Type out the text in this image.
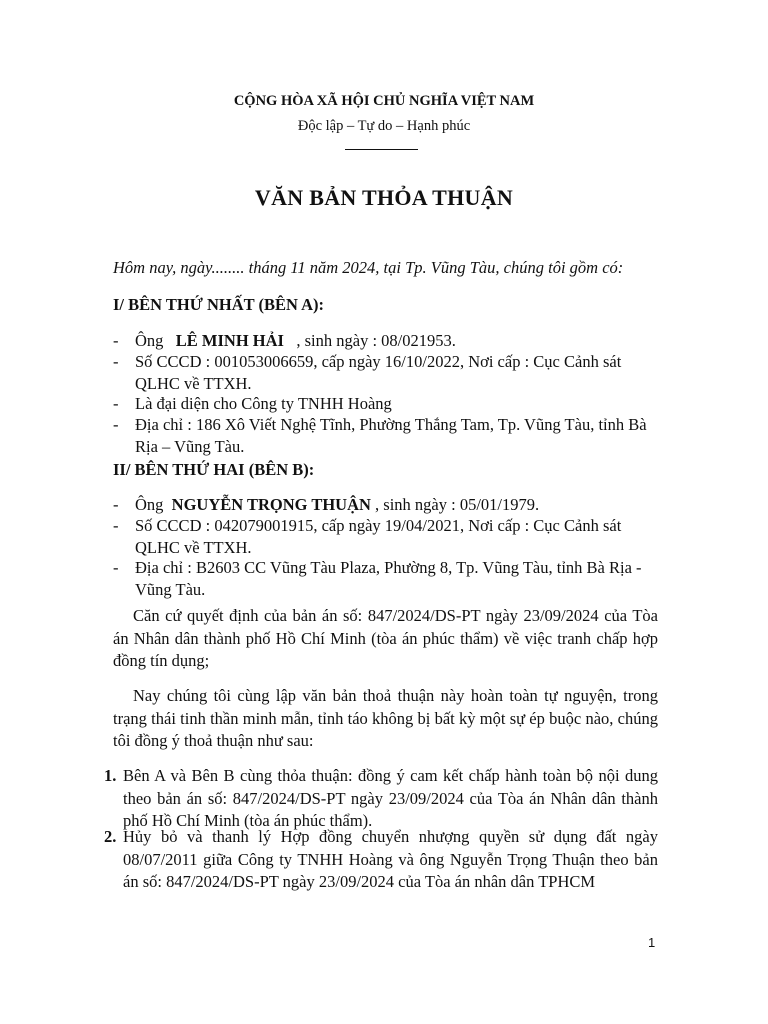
CỘNG HÒA XÃ HỘI CHỦ NGHĨA VIỆT NAM
Độc lập – Tự do – Hạnh phúc
VĂN BẢN THỎA THUẬN
Hôm nay, ngày........ tháng 11 năm 2024, tại Tp. Vũng Tàu, chúng tôi gồm có:
I/ BÊN THỨ NHẤT (BÊN A):
- Ông LÊ MINH HẢI   , sinh ngày : 08/021953.
- Số CCCD : 001053006659, cấp ngày 16/10/2022, Nơi cấp : Cục Cảnh sát QLHC về TTXH.
- Là đại diện cho Công ty TNHH Hoàng
- Địa chỉ : 186 Xô Viết Nghệ Tĩnh, Phường Thắng Tam, Tp. Vũng Tàu, tỉnh Bà Rịa – Vũng Tàu.
II/ BÊN THỨ HAI (BÊN B):
- Ông NGUYỄN TRỌNG THUẬN , sinh ngày : 05/01/1979.
- Số CCCD : 042079001915, cấp ngày 19/04/2021, Nơi cấp : Cục Cảnh sát QLHC về TTXH.
- Địa chỉ : B2603 CC Vũng Tàu Plaza, Phường 8, Tp. Vũng Tàu, tỉnh Bà Rịa -Vũng Tàu.
Căn cứ quyết định của bản án số: 847/2024/DS-PT ngày 23/09/2024 của Tòa án Nhân dân thành phố Hồ Chí Minh (tòa án phúc thẩm) về việc tranh chấp hợp đồng tín dụng;
Nay chúng tôi cùng lập văn bản thoả thuận này hoàn toàn tự nguyện, trong trạng thái tinh thần minh mẫn, tỉnh táo không bị bất kỳ một sự ép buộc nào, chúng tôi đồng ý thoả thuận như sau:
1. Bên A và Bên B cùng thỏa thuận: đồng ý cam kết chấp hành toàn bộ nội dung theo bản án số: 847/2024/DS-PT ngày 23/09/2024 của Tòa án Nhân dân thành phố Hồ Chí Minh (tòa án phúc thẩm).
2. Hủy bỏ và thanh lý Hợp đồng chuyển nhượng quyền sử dụng đất ngày 08/07/2011 giữa Công ty TNHH Hoàng và ông Nguyễn Trọng Thuận theo bản án số: 847/2024/DS-PT ngày 23/09/2024 của Tòa án nhân dân TPHCM
1
